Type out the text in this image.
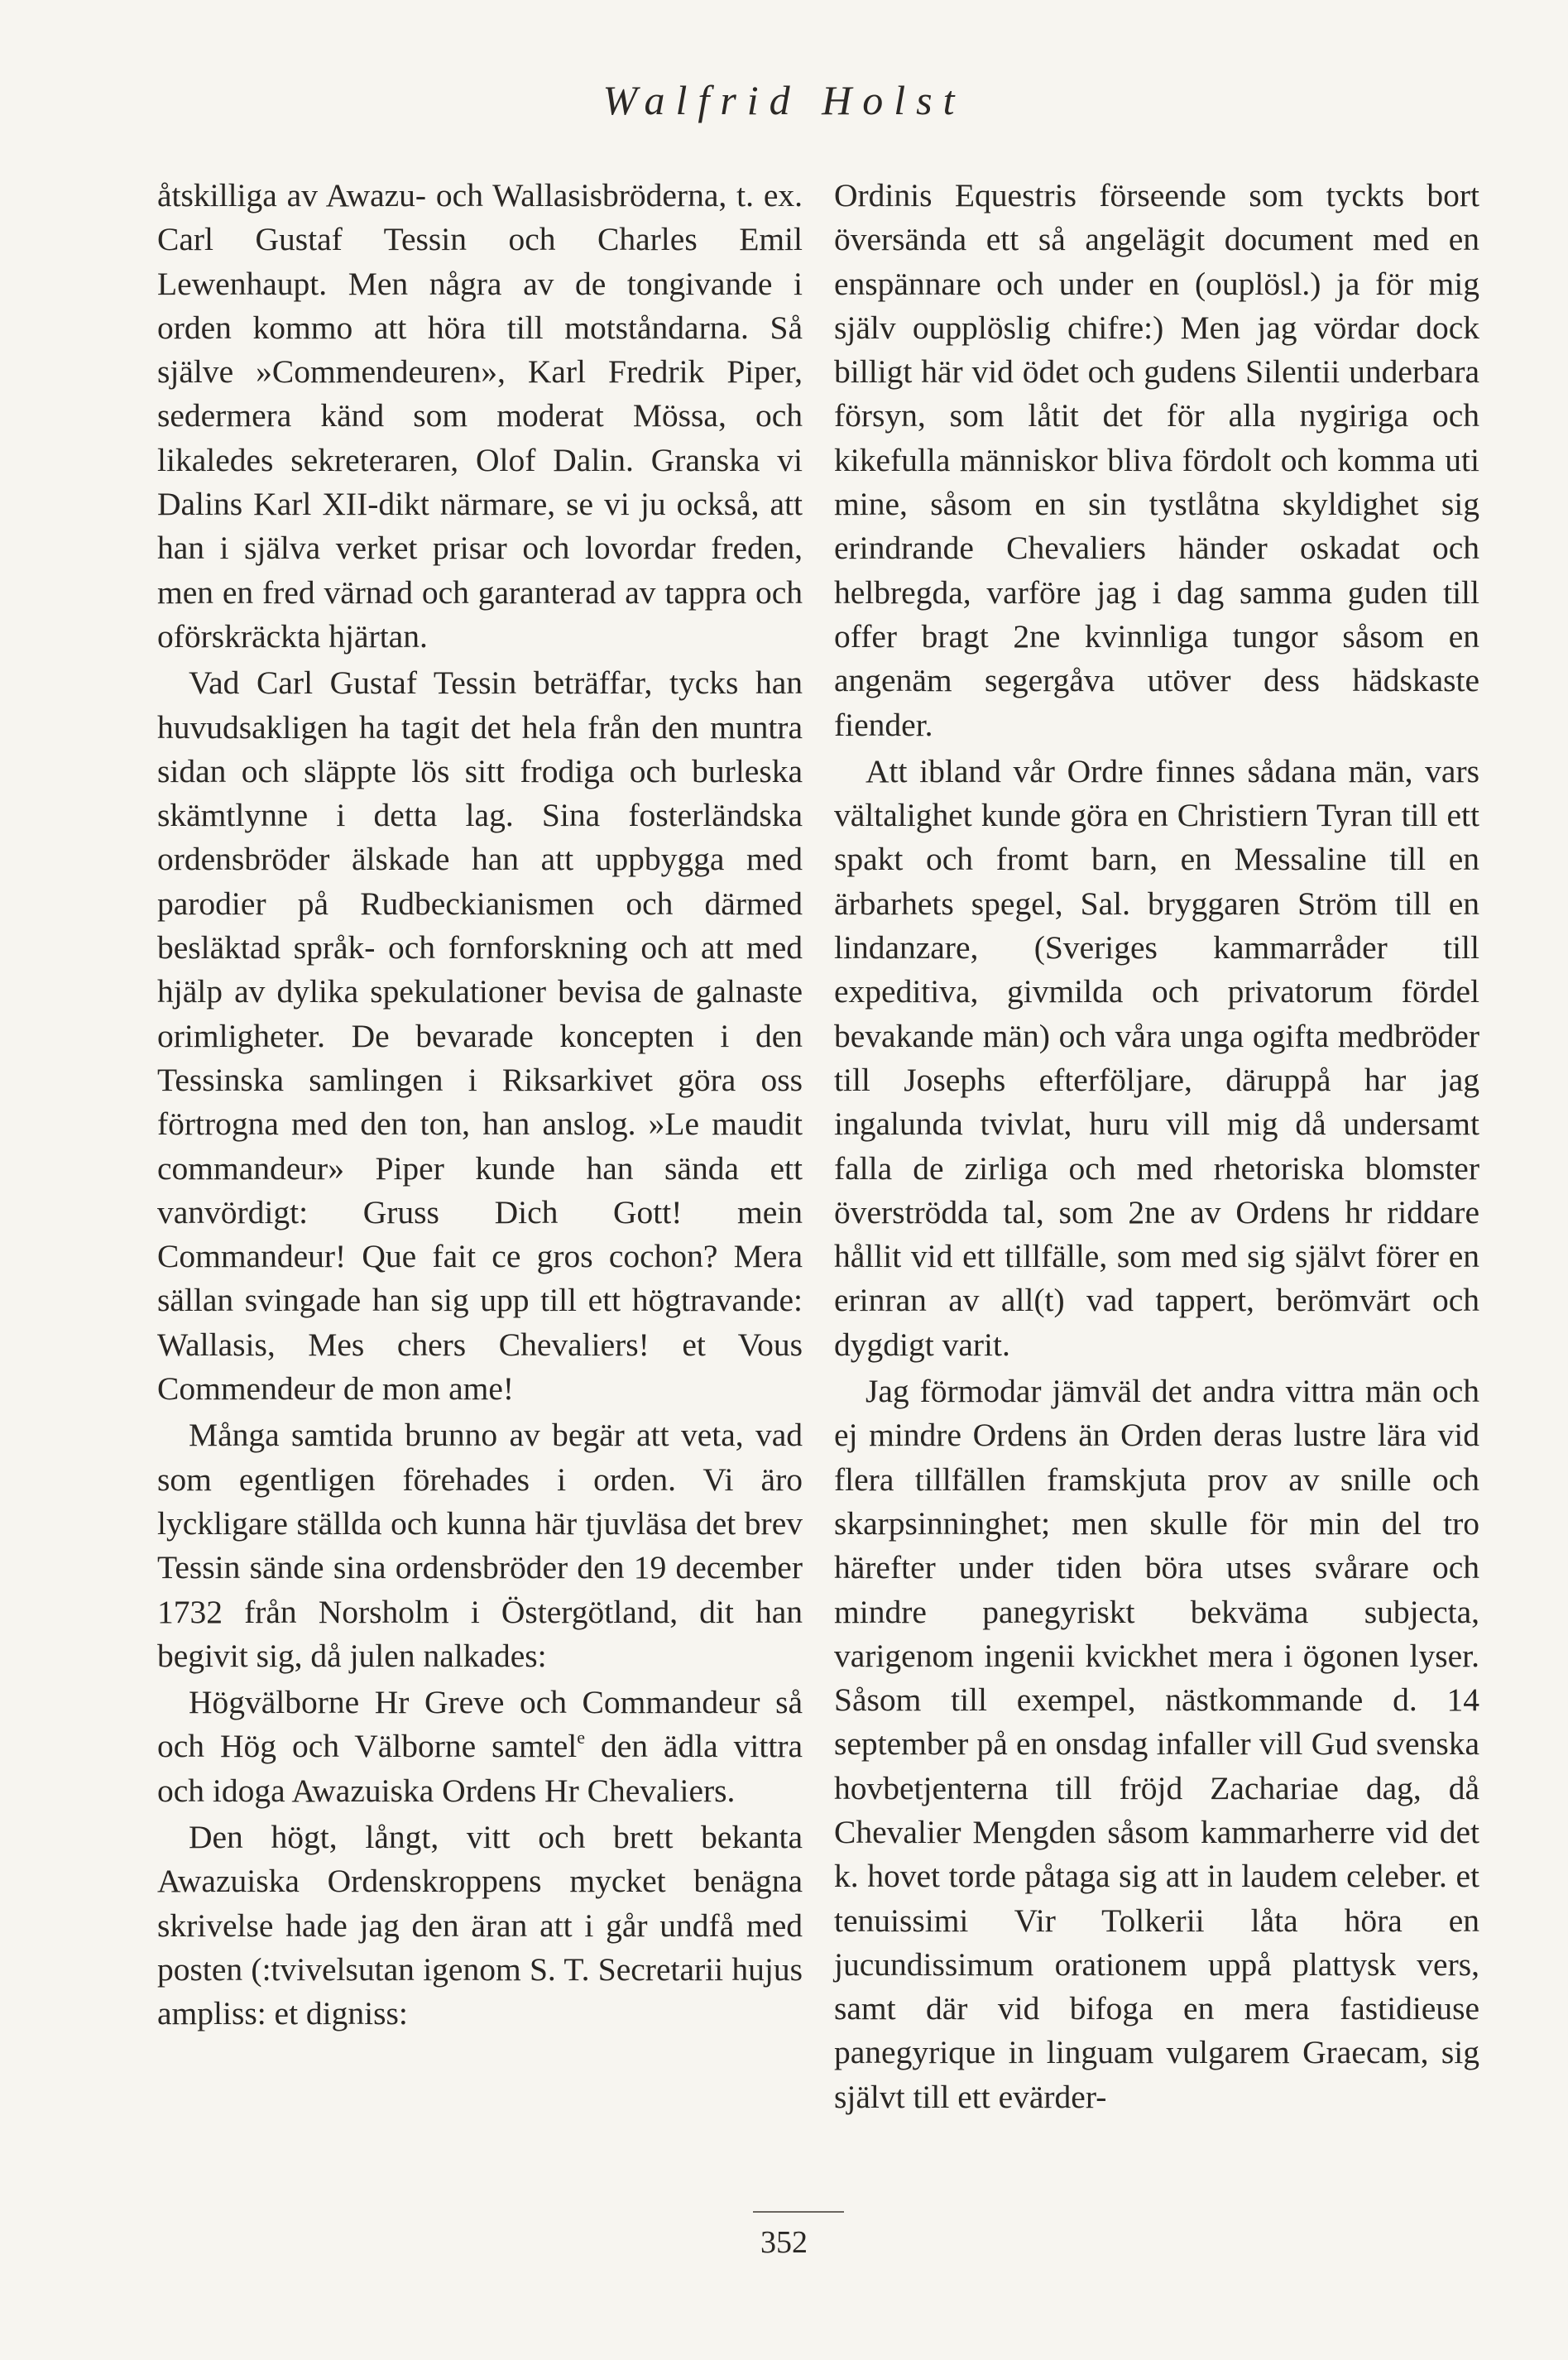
Walfrid Holst

åtskilliga av Awazu- och Wallasisbröderna, t. ex. Carl Gustaf Tessin och Charles Emil Lewenhaupt. Men några av de tongivande i orden kommo att höra till motståndarna. Så själve »Commendeuren», Karl Fredrik Piper, sedermera känd som moderat Mössa, och likaledes sekreteraren, Olof Dalin. Granska vi Dalins Karl XII-dikt närmare, se vi ju också, att han i själva verket prisar och lovordar freden, men en fred värnad och garanterad av tappra och oförskräckta hjärtan.

Vad Carl Gustaf Tessin beträffar, tycks han huvudsakligen ha tagit det hela från den muntra sidan och släppte lös sitt frodiga och burleska skämtlynne i detta lag. Sina fosterländska ordensbröder älskade han att uppbygga med parodier på Rudbeckianismen och därmed besläktad språk- och fornforskning och att med hjälp av dylika spekulationer bevisa de galnaste orimligheter. De bevarade koncepten i den Tessinska samlingen i Riksarkivet göra oss förtrogna med den ton, han anslog. »Le maudit commandeur» Piper kunde han sända ett vanvördigt: Gruss Dich Gott! mein Commandeur! Que fait ce gros cochon? Mera sällan svingade han sig upp till ett högtravande: Wallasis, Mes chers Chevaliers! et Vous Commendeur de mon ame!

Många samtida brunno av begär att veta, vad som egentligen förehades i orden. Vi äro lyckligare ställda och kunna här tjuvläsa det brev Tessin sände sina ordensbröder den 19 december 1732 från Norsholm i Östergötland, dit han begivit sig, då julen nalkades:

Högvälborne Hr Greve och Commandeur så och Hög och Välborne samtel$^e$ den ädla vittra och idoga Awazuiska Ordens Hr Chevaliers.

Den högt, långt, vitt och brett bekanta Awazuiska Ordenskroppens mycket benägna skrivelse hade jag den äran att i går undfå med posten (:tvivelsutan igenom S. T. Secretarii hujus ampliss: et digniss:

Ordinis Equestris förseende som tyckts bort översända ett så angelägit document med en enspännare och under en (ouplösl.) ja för mig själv oupplöslig chifre:) Men jag vördar dock billigt här vid ödet och gudens Silentii underbara försyn, som låtit det för alla nygiriga och kikefulla människor bliva fördolt och komma uti mine, såsom en sin tystlåtna skyldighet sig erindrande Chevaliers händer oskadat och helbregda, varföre jag i dag samma guden till offer bragt 2ne kvinnliga tungor såsom en angenäm segergåva utöver dess hädskaste fiender.

Att ibland vår Ordre finnes sådana män, vars vältalighet kunde göra en Christiern Tyran till ett spakt och fromt barn, en Messaline till en ärbarhets spegel, Sal. bryggaren Ström till en lindanzare, (Sveriges kammarråder till expeditiva, givmilda och privatorum fördel bevakande män) och våra unga ogifta medbröder till Josephs efterföljare, däruppå har jag ingalunda tvivlat, huru vill mig då undersamt falla de zirliga och med rhetoriska blomster överströdda tal, som 2ne av Ordens hr riddare hållit vid ett tillfälle, som med sig självt förer en erinran av all(t) vad tappert, berömvärt och dygdigt varit.

Jag förmodar jämväl det andra vittra män och ej mindre Ordens än Orden deras lustre lära vid flera tillfällen framskjuta prov av snille och skarpsinninghet; men skulle för min del tro härefter under tiden böra utses svårare och mindre panegyriskt bekväma subjecta, varigenom ingenii kvickhet mera i ögonen lyser. Såsom till exempel, nästkommande d. 14 september på en onsdag infaller vill Gud svenska hovbetjenterna till fröjd Zachariae dag, då Chevalier Mengden såsom kammarherre vid det k. hovet torde påtaga sig att in laudem celeber. et tenuissimi Vir Tolkerii låta höra en jucundissimum orationem uppå plattysk vers, samt där vid bifoga en mera fastidieuse panegyrique in linguam vulgarem Graecam, sig självt till ett evärder-

352
